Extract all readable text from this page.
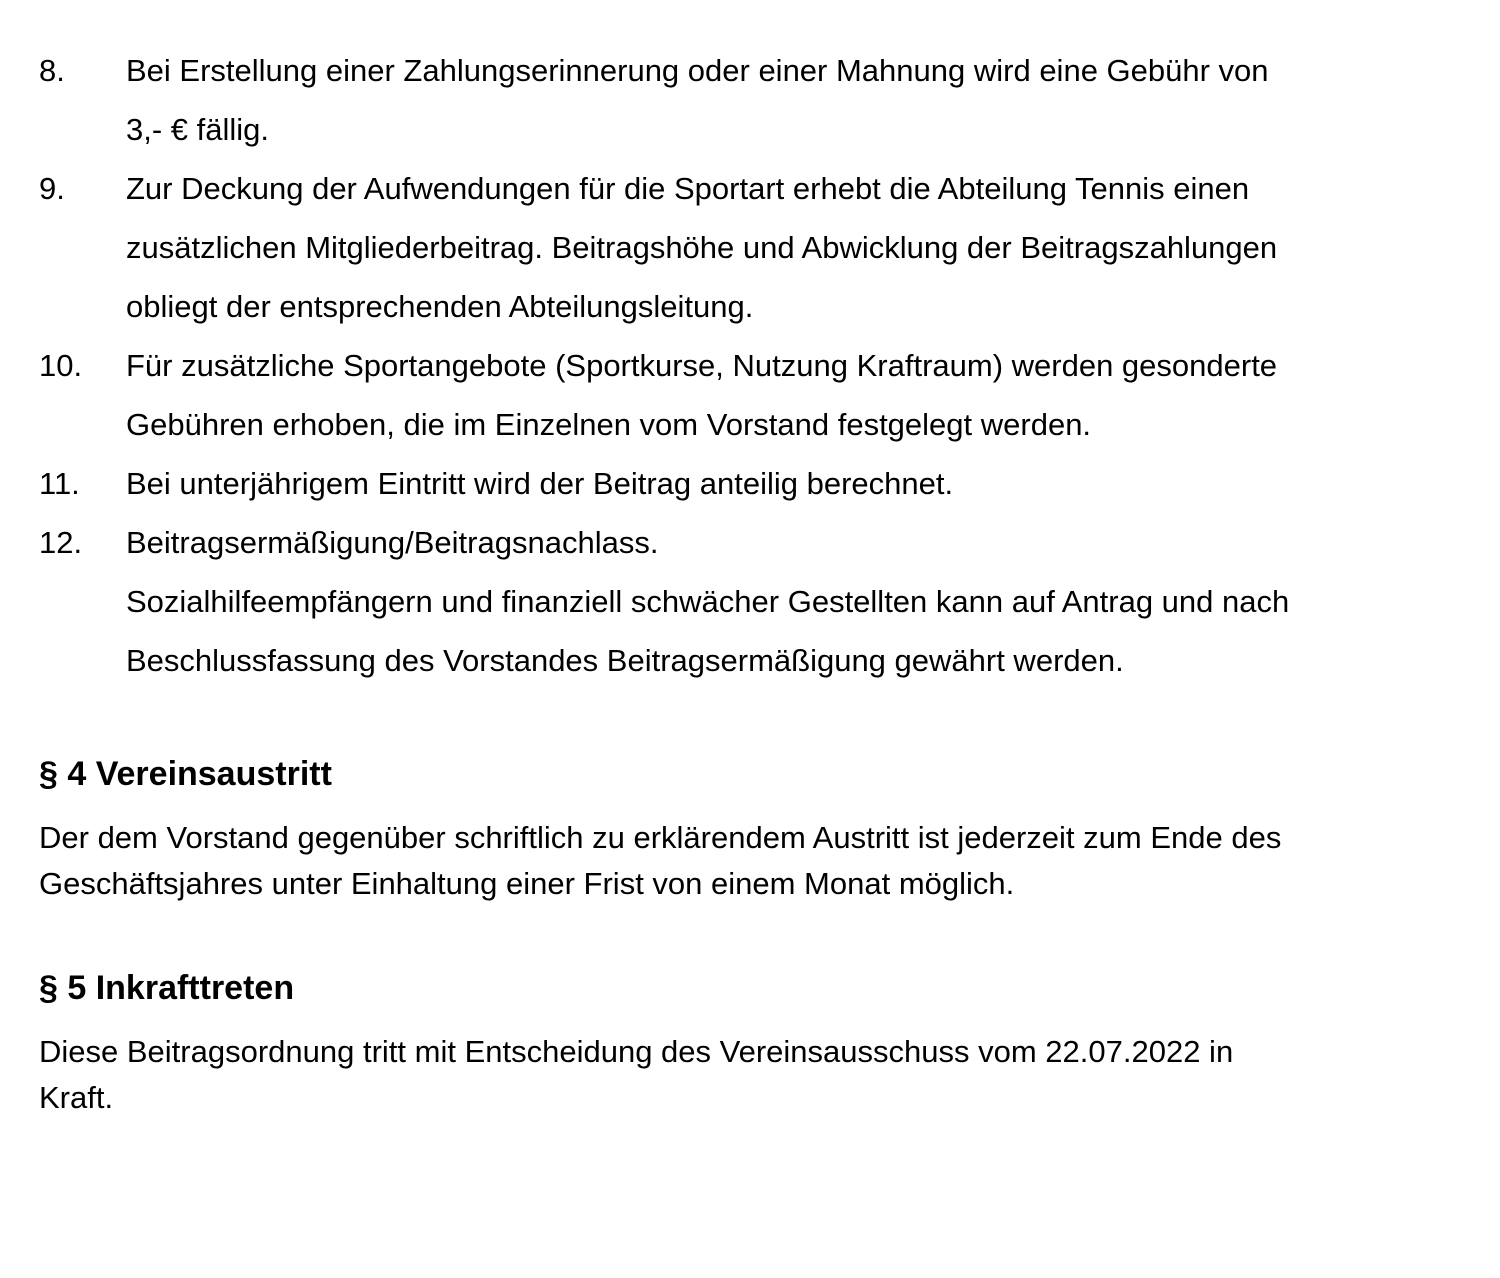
8.	Bei Erstellung einer Zahlungserinnerung oder einer Mahnung wird eine Gebühr von
3,- € fällig.
9.	Zur Deckung der Aufwendungen für die Sportart erhebt die Abteilung Tennis einen
zusätzlichen Mitgliederbeitrag. Beitragshöhe und Abwicklung der Beitragszahlungen
obliegt der entsprechenden Abteilungsleitung.
10.	Für zusätzliche Sportangebote (Sportkurse, Nutzung Kraftraum) werden gesonderte
Gebühren erhoben, die im Einzelnen vom Vorstand festgelegt werden.
11.	Bei unterjährigem Eintritt wird der Beitrag anteilig berechnet.
12.	Beitragsermäßigung/Beitragsnachlass.
Sozialhilfeempfängern und finanziell schwächer Gestellten kann auf Antrag und nach
Beschlussfassung des Vorstandes Beitragsermäßigung gewährt werden.
§ 4 Vereinsaustritt

Der dem Vorstand gegenüber schriftlich zu erklärendem Austritt ist jederzeit zum Ende des
Geschäftsjahres unter Einhaltung einer Frist von einem Monat möglich.

§ 5 Inkrafttreten

Diese Beitragsordnung tritt mit Entscheidung des Vereinsausschuss vom 22.07.2022 in
Kraft.
